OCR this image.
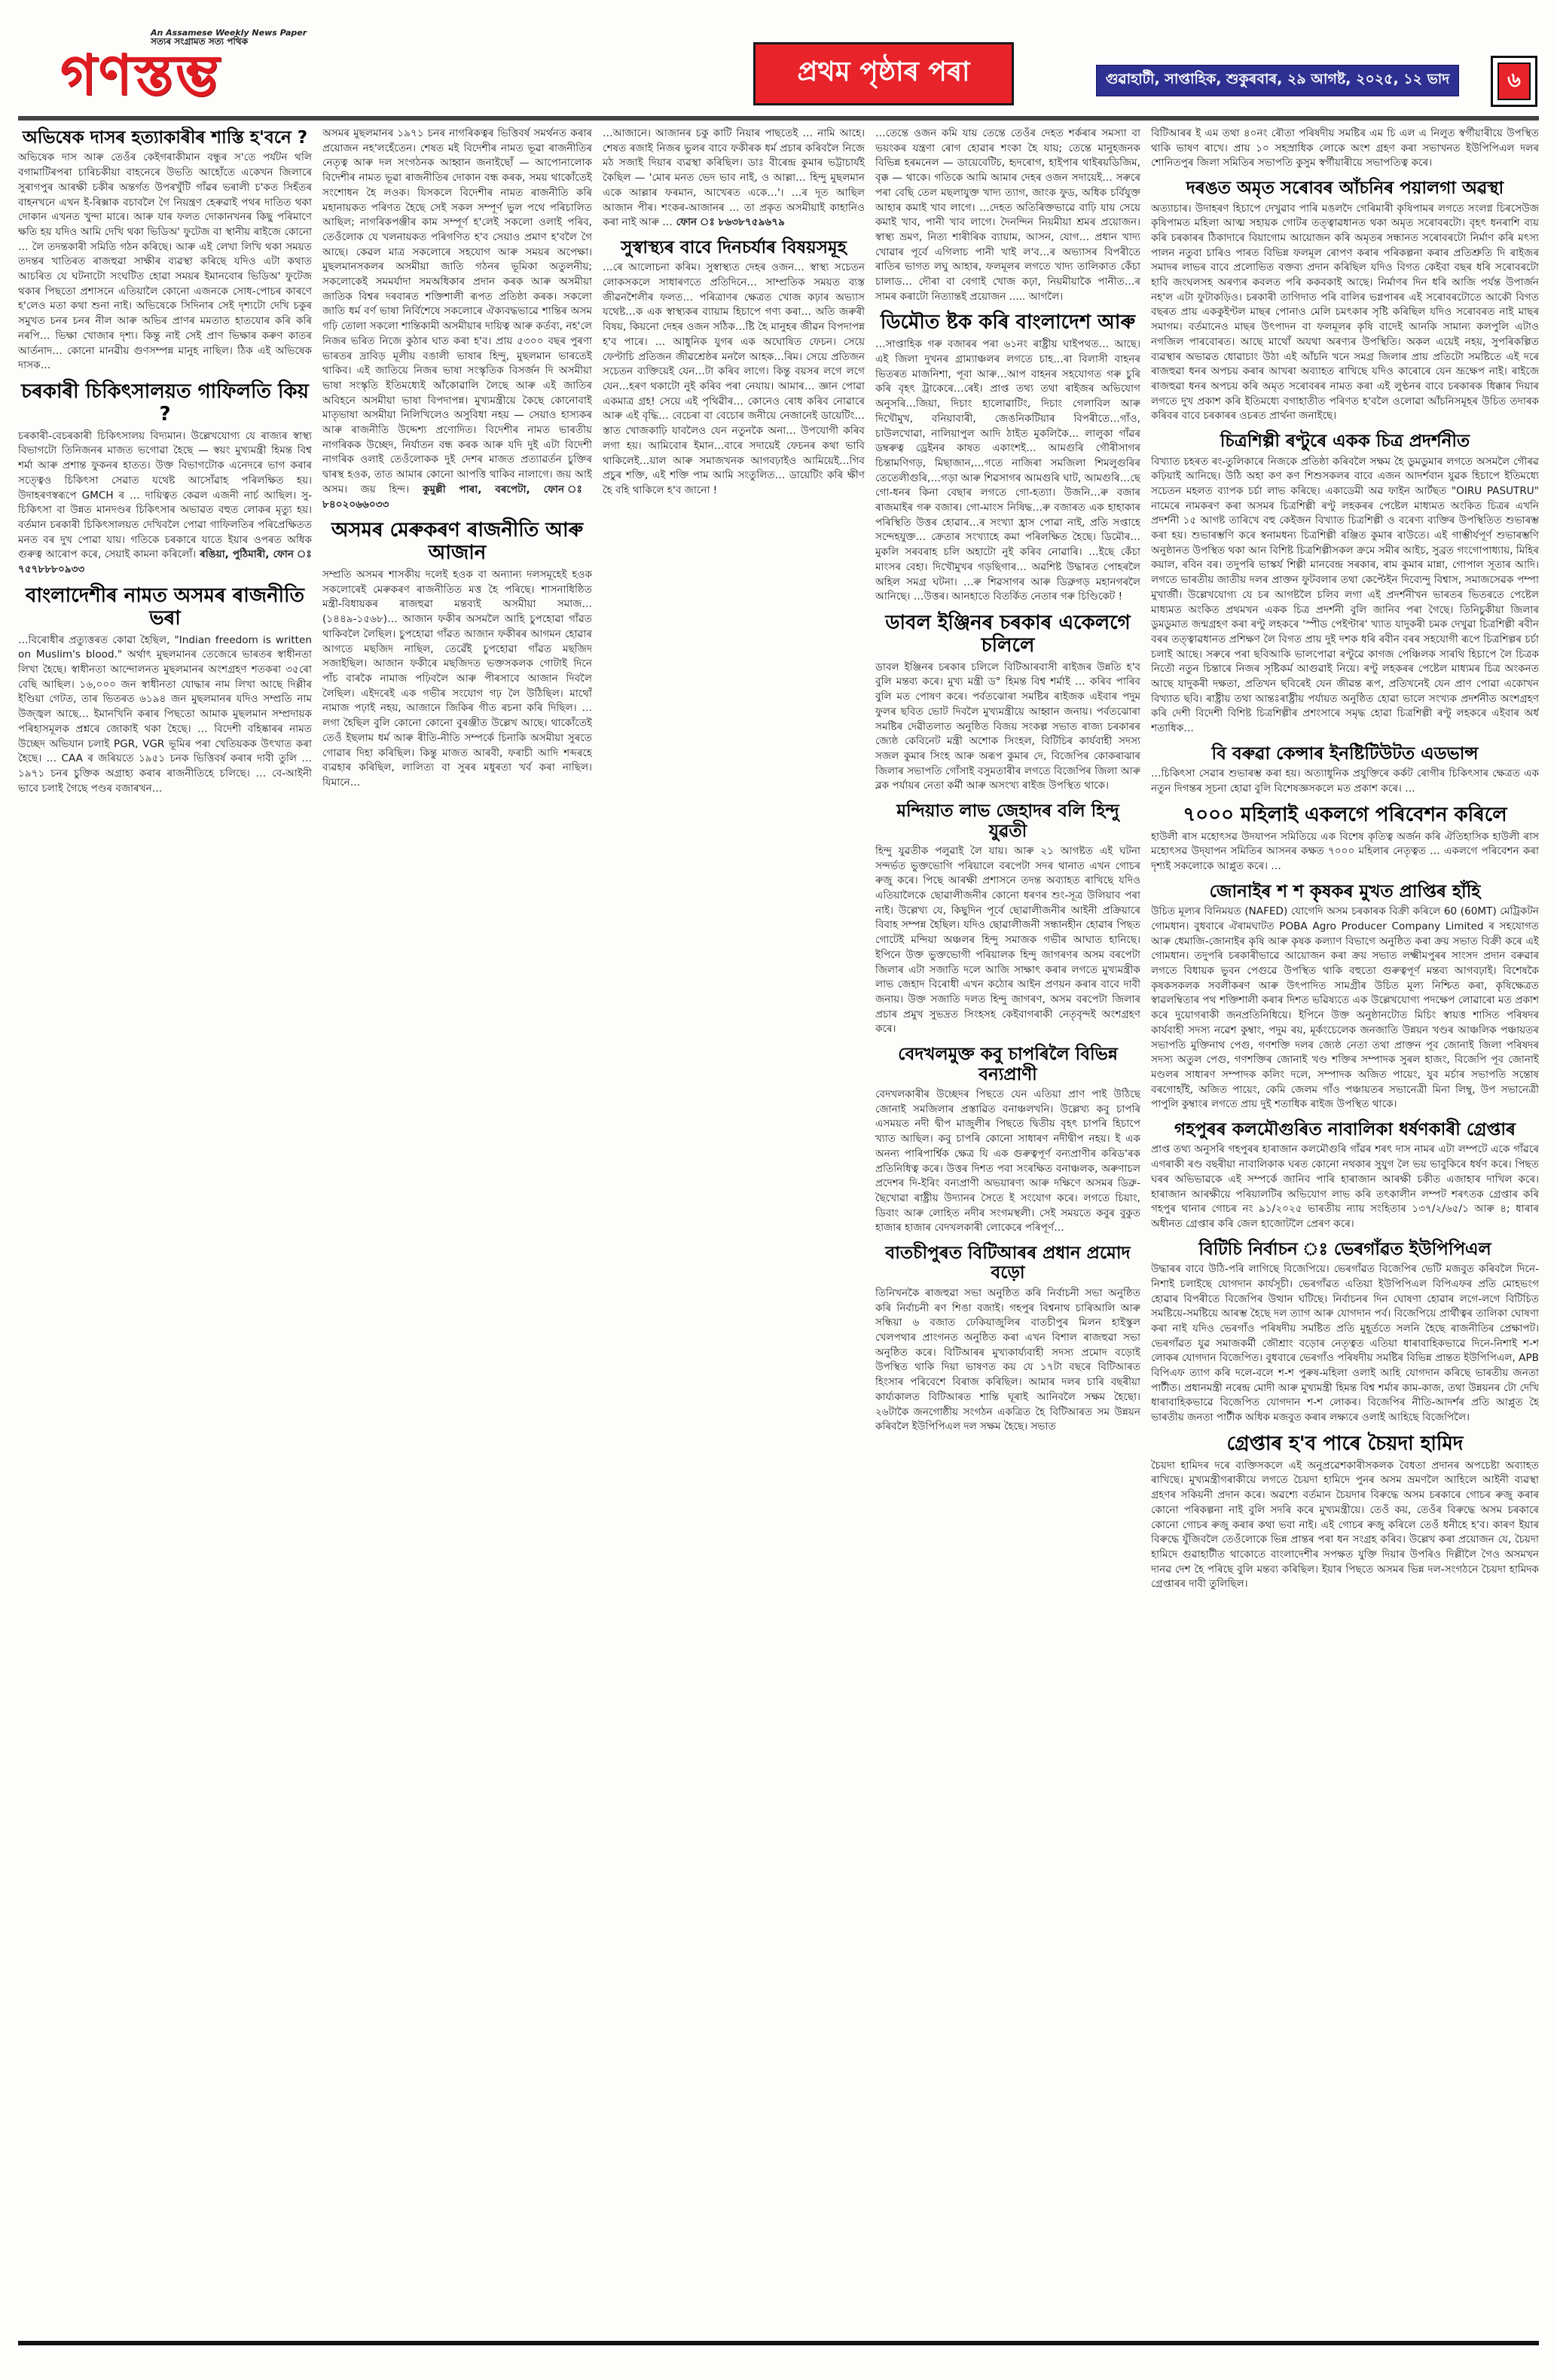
An Assamese Weekly News Paper
সত্যৰ সংগ্ৰামত সত্য পথিক
গণস্তম্ভ	প্ৰথম পৃষ্ঠাৰ পৰা	গুৱাহাটী, সাপ্তাহিক, শুকুৰবাৰ, ২৯ আগষ্ট, ২০২৫, ১২ ভাদ	৬
অভিষেক দাসৰ হত্যাকাৰীৰ শাস্তি হ'বনে ?

অভিষেক দাস আৰু তেওঁৰ কেইগৰাকীমান বন্ধুৰ স'তে পৰ্যটন থলি বগামাটিৰপৰা চাৰিচকীয়া বাহনেৰে উভতি আহোঁতে একেখন জিলাৰে সুৰাগপুৰ আৰক্ষী চকীৰ অন্তৰ্গত উপৰখুঁটি গাঁৱৰ ভৰালী চ'কত সিহঁতৰ বাহনখনে এখন ই-ৰিক্সাক বচাবলৈ গৈ নিয়ন্ত্ৰণ হেৰুৱাই পথৰ দাতিত থকা দোকান এখনত খুন্দা মাৰে। আৰু যাৰ ফলত দোকানখনৰ কিছু পৰিমাণে ক্ষতি হয় যদিও আমি দেখি থকা ভিডিঅ' ফুটেজ বা স্থানীয় ৰাইজে কোনো … লৈ তদন্তকাৰী সমিতি গঠন কৰিছে। আৰু এই লেখা লিখি থকা সময়ত তদন্তৰ খাতিৰত ৰাজহুৱা সাক্ষীৰ ব্যৱস্থা কৰিছে যদিও এটা কথাত আচৰিত যে ঘটনাটো সংঘটিত হোৱা সময়ৰ ইমানবোৰ ভিডিঅ' ফুটেজ থকাৰ পিছতো প্ৰশাসনে এতিয়ালৈ কোনো এজনকে সোধ-পোচৰ কাৰণে হ'লেও মতা কথা শুনা নাই। অভিষেকে সিদিনাৰ সেই দৃশ্যটো দেখি চকুৰ সমুখত চনৰ চনৰ নীল আৰু অভিৰ প্ৰাণৰ মমতাত হাতযোৰ কৰি কৰি নৰপি… ভিক্ষা খোজাৰ দৃশ্য। কিন্তু নাই সেই প্ৰাণ ভিক্ষাৰ কৰুণ কাতৰ আৰ্তনাদ… কোনো মানৱীয় গুণসম্পন্ন মানুহ নাছিল। ঠিক এই অভিষেক দাসক…

চৰকাৰী চিকিৎসালয়ত গাফিলতি কিয় ?

চৰকাৰী-বেচৰকাৰী চিকিৎসালয় বিদ্যমান। উল্লেখযোগ্য যে ৰাজ্যৰ স্বাস্থ্য বিভাগটো তিনিজনৰ মাজত ভগোৱা হৈছে — স্বয়ং মুখ্যমন্ত্ৰী হিমন্ত বিশ্ব শৰ্মা আৰু প্ৰশান্ত ফুকনৰ হাতত। উক্ত বিভাগটোক এনেদৰে ভাগ কৰাৰ সত্ত্বেও চিকিৎসা সেৱাত যথেষ্ট আসোঁৱাহ পৰিলক্ষিত হয়। উদাহৰণস্বৰূপে GMCH ৰ … দায়িত্বত কেৱল এজনী নাৰ্চ আছিল। সু-চিকিৎসা বা উন্নত মানদণ্ডৰ চিকিৎসাৰ অভাৱত বহুত লোকৰ মৃত্যু হয়। বৰ্তমান চৰকাৰী চিকিৎসালয়ত দেখিবলৈ পোৱা গাফিলতিৰ পৰিপ্ৰেক্ষিতত মনত বৰ দুখ পোৱা যায়। গতিকে চৰকাৰে যাতে ইয়াৰ ওপৰত অধিক গুৰুত্ব আৰোপ কৰে, সেয়াই কামনা কৰিলোঁ। ৰঙিয়া, পুঠিমাৰী, ফোন ঃ ৭৫৭৮৮৮০৯৩৩

বাংলাদেশীৰ নামত অসমৰ ৰাজনীতি ভৰা

…বিৰোধীৰ প্ৰত্যুত্তৰত কোৱা হৈছিল, "Indian freedom is written on Muslim's blood." অৰ্থাৎ মুছলমানৰ তেজেৰে ভাৰতৰ স্বাধীনতা লিখা হৈছে। স্বাধীনতা আন্দোলনত মুছলমানৰ অংশগ্ৰহণ শতকৰা ৩৫ৰো বেছি আছিল। ১৬,০০০ জন স্বাধীনতা যোদ্ধাৰ নাম লিখা আছে দিল্লীৰ ইণ্ডিয়া গেটত, তাৰ ভিতৰত ৬১৯৪ জন মুছলমানৰ যদিও সম্প্ৰতি নাম উজ্জ্বল আছে… ইমানখিনি কৰাৰ পিছতো আমাক মুছলমান সম্প্ৰদায়ক পৰিহাসমূলক প্ৰশ্নৰে জোকাই থকা হৈছে। … বিদেশী বহিষ্কাৰৰ নামত উচ্ছেদ অভিযান চলাই PGR, VGR ভূমিৰ পৰা খেতিয়কক উৎখাত কৰা হৈছে। … CAA ৰ জৰিয়তে ১৯৫১ চনক ভিত্তিবৰ্ষ কৰাৰ দাবী তুলি … ১৯৭১ চনৰ চুক্তিক অগ্ৰাহ্য কৰাৰ ৰাজনীতিহে চলিছে। … বে-আইনী ভাবে চলাই গৈছে পণ্ডৰ বজাৰখন…

অসমৰ মুছলমানৰ ১৯৭১ চনৰ নাগৰিকত্বৰ ভিত্তিবৰ্ষ সমৰ্থনত কৰাৰ প্ৰয়োজন নহ'লহেঁতেন। শেষত মই বিদেশীৰ নামত ভূৱা ৰাজনীতিৰ নেতৃত্ব আৰু দল সংগঠনক আহ্বান জনাইছোঁ — আপোনালোক বিদেশীৰ নামত ভূৱা ৰাজনীতিৰ দোকান বন্ধ কৰক, সময় থাকোঁতেই সংশোধন হৈ লওক। যিসকলে বিদেশীৰ নামত ৰাজনীতি কৰি মহানায়কত পৰিণত হৈছে সেই সকল সম্পূৰ্ণ ভুল পথে পৰিচালিত আছিল; নাগৰিকপঞ্জীৰ কাম সম্পূৰ্ণ হ'লেই সকলো ওলাই পৰিব, তেওঁলোক যে খলনায়কত পৰিগণিত হ'ব সেয়াও প্ৰমাণ হ'বলৈ গৈ আছে। কেৱল মাত্ৰ সকলোৰে সহযোগ আৰু সময়ৰ অপেক্ষা। মুছলমানসকলৰ অসমীয়া জাতি গঠনৰ ভূমিকা অতুলনীয়; সকলোকেই সমমৰ্যাদা সমঅধিকাৰ প্ৰদান কৰক আৰু অসমীয়া জাতিক বিশ্বৰ দৰবাৰত শক্তিশালী ৰূপত প্ৰতিষ্ঠা কৰক। সকলো জাতি ধৰ্ম বৰ্ণ ভাষা নিৰ্বিশেষে সকলোৰে ঐক্যবদ্ধভাৱে শান্তিৰ অসম গঢ়ি তোলা সকলো শান্তিকামী অসমীয়াৰ দায়িত্ব আৰু কৰ্তব্য, নহ'লে নিজৰ ভৰিত নিজে কুঠাৰ ঘাত কৰা হ'ব। প্ৰায় ৫৩০০ বছৰ পুৰণা ভাৰতৰ দ্ৰাবিড় মূলীয় বঙালী ভাষাৰ হিন্দু, মুছলমান ভাৰতেই থাকিব। এই জাতিয়ে নিজৰ ভাষা সংস্কৃতিক বিসৰ্জন দি অসমীয়া ভাষা সংস্কৃতি ইতিমধ্যেই আঁকোৱালি লৈছে আৰু এই জাতিৰ অবিহনে অসমীয়া ভাষা বিপদাপন্ন। মুখ্যমন্ত্ৰীয়ে কৈছে কোনোবাই মাতৃভাষা অসমীয়া নিলিখিলেও অসুবিধা নহয় — সেয়াও হাস্যকৰ আৰু ৰাজনীতি উদ্দেশ্য প্ৰণোদিত। বিদেশীৰ নামত ভাৰতীয় নাগৰিকক উচ্ছেদ, নিৰ্যাতন বন্ধ কৰক আৰু যদি দুই এটা বিদেশী নাগৰিক ওলাই তেওঁলোকক দুই দেশৰ মাজত প্ৰত্যাৱৰ্তন চুক্তিৰ দ্বাৰস্থ হওক, তাত আমাৰ কোনো আপত্তি থাকিব নালাগে। জয় আই অসম। জয় হিন্দ। কুমুল্লী পাৰা, বৰপেটা, ফোন ঃ ৮৪০২০৬৬০৩৩

অসমৰ মেৰুকৰণ ৰাজনীতি আৰু আজান

সম্প্ৰতি অসমৰ শাসকীয় দলেই হওক বা অন্যান্য দলসমূহেই হওক সকলোৰেই মেৰুকৰণ ৰাজনীতিত মত্ত হৈ পৰিছে। শাসনাধিষ্ঠিত মন্ত্ৰী-বিধায়কৰ ৰাজহুৱা মন্তব্যই অসমীয়া সমাজ… (১৪৪৯-১৫৬৮)… আজান ফকীৰ অসমলৈ আহি চুপহোৱা গাঁৱত থাকিবলৈ লৈছিল। চুপহোৱা গাঁৱত আজান ফকীৰৰ আগমন হোৱাৰ আগতে মছজিদ নাছিল, তেৱেঁই চুপহোৱা গাঁৱত মছজিদ সজাইছিল। আজান ফকীৰে মছজিদত ভক্তসকলক গোটাই দিনে পাঁচ বাৰকৈ নামাজ পঢ়িবলৈ আৰু পীৰসাবে আজান দিবলৈ লৈছিল। এইদৰেই এক গভীৰ সংযোগ গঢ় লৈ উঠিছিল। মাথোঁ নামাজ পঢ়াই নহয়, আজানে জিকিৰ গীত ৰচনা কৰি দিছিল। … লগা হৈছিল বুলি কোনো কোনো বুৰঞ্জীত উল্লেখ আছে। থাকোঁতেই তেওঁ ইছলাম ধৰ্ম আৰু ৰীতি-নীতি সম্পৰ্কে চিনাকি অসমীয়া সুৰতে গোৱাৰ দিহা কৰিছিল। কিন্তু মাজত আৰবী, ফৰাচী আদি শব্দৰহে ব্যৱহাৰ কৰিছিল, লালিত্য বা সুৰৰ মধুৰতা খৰ্ব কৰা নাছিল। যিমানে…

…আজানে। আজানৰ চকু কাটি নিয়াৰ পাছতেই … নামি আহে। শেষত ৰজাই নিজৰ ভুলৰ বাবে ফকীৰক ধৰ্ম প্ৰচাৰ কৰিবলৈ নিজে মঠ সজাই দিয়াৰ ব্যৱস্থা কৰিছিল। ডাঃ বীৰেন্দ্ৰ কুমাৰ ভট্টাচাৰ্যই কৈছিল — 'মোৰ মনত ভেদ ভাব নাই, ও আল্লা… হিন্দু মুছলমান একে আল্লাৰ ফৰমান, আখেৰত একে…'। …ৰ দূত আছিল আজান পীৰ। শংকৰ-আজানৰ … তা প্ৰকৃত অসমীয়াই কাহানিও কৰা নাই আৰু … ফোন ঃ ৮৬৩৮৭৫৯৬৭৯

সুস্বাস্থ্যৰ বাবে দিনচৰ্যাৰ বিষয়সমূহ

…ৰে আলোচনা কৰিম। সুস্বাস্থ্যত দেহৰ ওজন… স্বাস্থ্য সচেতন লোকসকলে সাধাৰণতে প্ৰতিদিনে… সাম্প্ৰতিক সময়ত ব্যস্ত জীৱনশৈলীৰ ফলত… পৰিত্ৰাণৰ ক্ষেত্ৰত খোজ কঢ়াৰ অভ্যাস যথেষ্ট…ক এক স্বাস্থ্যকৰ ব্যায়াম হিচাপে গণ্য কৰা… অতি জৰুৰী বিষয়, কিয়নো দেহৰ ওজন সঠিক…ষ্টি হৈ মানুহৰ জীৱন বিপদাপন্ন হ'ব পাৰে। … আধুনিক যুগৰ এক অঘোষিত ফেচন। সেয়ে ফেণ্টাচি প্ৰতিজন জীৱশ্ৰেষ্ঠৰ মনলৈ আহক…ৰিম। সেয়ে প্ৰতিজন সচেতন ব্যক্তিয়েই যেন…টা কৰিব লাগে। কিন্তু বয়সৰ লগে লগে যেন…হৰণ থকাটো নুই কৰিব পৰা নেযায়। আমাৰ… জ্ঞান পোৱা একমাত্ৰ গ্ৰহ! সেয়ে এই পৃথিৱীৰ… কোনেও ৰোধ কৰিব নোৱাৰে আৰু এই বৃদ্ধি… বেচেৰা বা বেচোৰ জনীয়ে নেজানেই ডায়েটিং…স্তাত খোজকাঢ়ি যাবলৈও যেন নতুনকৈ অনা… উপযোগী কৰিব লগা হয়। আমিবোৰ ইমান…বাৰে সদায়েই ফেচনৰ কথা ভাবি থাকিলেই…য়াল আৰু সমাজখনক আগবঢ়াইও আমিয়েই…গিব প্ৰচুৰ শক্তি, এই শক্তি পাম আমি সংতুলিত… ডায়েটিং কৰি ক্ষীণ হৈ বহি থাকিলে হ'ব জানো !

…তেন্তে ওজন কমি যায় তেন্তে তেওঁৰ দেহত শৰ্কৰাৰ সমস্যা বা ভয়ংকৰ যন্ত্ৰণা ৰোগ হোৱাৰ শংকা হৈ যায়; তেন্তে মানুহজনক বিভিন্ন হৰমনেল — ডায়েবেটিচ, হৃদৰোগ, হাইপাৰ থাইৰয়ডিজিম, বৃক্ক — থাকে। গতিকে আমি আমাৰ দেহৰ ওজন সদায়েই… সৰুৰে পৰা বেছি তেল মছলাযুক্ত খাদ্য ত্যাগ, জাংক ফুড, অধিক চৰ্বিযুক্ত আহাৰ কমাই খাব লাগে। …দেহত অতিৰিক্তভাৱে বাঢ়ি যায় সেয়ে কমাই খাব, পানী খাব লাগে। দৈনন্দিন নিয়মীয়া শ্ৰমৰ প্ৰয়োজন। স্বাস্থ্য ভ্ৰমণ, নিত্য শাৰীৰিক ব্যায়াম, আসন, যোগ… প্ৰধান খাদ্য খোৱাৰ পূৰ্বে এগিলাচ পানী খাই ল'ব…ৰ অভ্যাসৰ বিপৰীতে ৰাতিৰ ভাগত লঘু আহাৰ, ফলমূলৰ লগতে খাদ্য তালিকাত কেঁচা চালাড… দৌৰা বা বেগাই খোজ কঢ়া, নিয়মীয়াকৈ পানীত…ৰ সামৰ কৰাটো নিত্যান্তই প্ৰয়োজন ..... আগলৈ।

ডিমৌত ষ্টক কৰি বাংলাদেশ আৰু

…সাপ্তাহিক গৰু বজাৰৰ পৰা ৬১নং ৰাষ্ট্ৰীয় ঘাইপথত… আছে। এই জিলা দুখনৰ গ্ৰাম্যাঞ্চলৰ লগতে চাহ…ৰা বিলাসী বাহনৰ ভিতৰত মাজনিশা, পূবা আৰু…আপ বাহনৰ সহযোগত গৰু চুৰি কৰি বৃহৎ ট্ৰাকেৰে…ৰেই। প্ৰাপ্ত তথ্য তথা ৰাইজৰ অভিযোগ অনুসৰি…জিয়া, দিচাং হালোৱাটিং, দিচাং গেলাবিল আৰু দিখৌমুখ, বনিয়াবাৰী, জেঙনিকটিয়াৰ বিপৰীতে…গাঁও, চাউলখোৱা, নালিয়াপুল আদি ঠাইত মুকলিকৈ… লালুকা গাঁৱৰ ডম্বৰুত্ব ড্ৰেইনৰ কাষত একাংশই… আমগুৰি গৌৰীসাগৰ চিন্তামণিগড়, মিছাজান,…গতে নাজিৰা সমজিলা শিমলুগুৰিৰ তেতেলীগুৰি,…গড়া আৰু শিৱসাগৰ আমগুৰি ঘাট, আমগুৰি…ছে গো-ধনৰ কিনা বেছাৰ লগতে গো-হত্যা। উজনি…ৰু বজাৰ ৰাজমাইৰ গৰু বজাৰ। গো-মাংস নিষিদ্ধ…ৰু বজাৰত এক হাহাকাৰ পৰিস্থিতি উত্তৰ হোৱাৰ…ৰ সংখ্যা হ্ৰাস পোৱা নাই, প্ৰতি সপ্তাহে সন্দেহযুক্ত… ক্ৰেতাৰ সংখ্যাহে কমা পৰিলক্ষিত হৈছে। ডিমৌৰ… মুকলি সৰবৰাহ চলি অহাটো নুই কৰিব নোৱাৰি। …ইছে কেঁচা মাংসৰ বেহা। দিখৌমুখৰ গড়ছিগাৰ… অৱশিষ্ট উদ্ধাৰত পোহৰলৈ অহিল সমগ্ৰ ঘটনা। …ৰু শিৱসাগৰ আৰু ডিব্ৰুগড় মহানগৰলৈ আনিছে। …উত্তৰ। আনহাতে বিতৰ্কিত নেতাৰ গৰু চিণ্ডিকেট !

ডাবল ইঞ্জিনৰ চৰকাৰ একেলগে চলিলে

ডাবল ইঞ্জিনৰ চৰকাৰ চলিলে বিটিআৰবাসী ৰাইজৰ উন্নতি হ'ব বুলি মন্তব্য কৰে। মুখ্য মন্ত্ৰী ড° হিমন্ত বিশ্ব শৰ্মাই … কৰিব পাৰিব বুলি মত পোষণ কৰে। পৰ্বতঝোৰা সমষ্টিৰ ৰাইজক এইবাৰ পদুম ফুলৰ ছবিত ভোট দিবলৈ মুখ্যমন্ত্ৰীয়ে আহ্বান জনায়। পৰ্বতঝোৰা সমষ্টিৰ দেৱীতলাত অনুষ্ঠিত বিজয় সংকল্প সভাত ৰাজ্য চৰকাৰৰ জ্যেষ্ঠ কেবিনেট মন্ত্ৰী অশোক সিংহল, বিটিচিৰ কাৰ্যবাহী সদস্য সজল কুমাৰ সিংহ আৰু অৰূপ কুমাৰ দে, বিজেপিৰ কোকৰাঝাৰ জিলাৰ সভাপতি গোঁসাই বসুমতাৰীৰ লগতে বিজেপিৰ জিলা আৰু ব্লক পৰ্যায়ৰ নেতা কৰ্মী আৰু অসংখ্য ৰাইজ উপস্থিত থাকে।

মন্দিয়াত লাভ জেহাদৰ বলি হিন্দু যুৱতী

হিন্দু যুৱতীক পলুৱাই লৈ যায়। আৰু ২১ আগষ্টত এই ঘটনা সন্দৰ্ভত ভুক্তভোগি পৰিয়ালে বৰপেটা সদৰ থানাত এখন গোচৰ ৰুজু কৰে। পিছে আৰক্ষী প্ৰশাসনে তদন্ত অব্যাহত ৰাখিছে যদিও এতিয়ালৈকে ছোৱালীজনীৰ কোনো ধৰণৰ শুং-সূত্ৰ উলিয়াব পৰা নাই। উল্লেখ্য যে, কিছুদিন পূৰ্বে ছোৱালীজনীৰ আইনী প্ৰক্ৰিয়াৰে বিবাহ সম্পন্ন হৈছিল। যদিও ছোৱালীজনী সন্ধানহীন হোৱাৰ পিছত গোটেই মন্দিয়া অঞ্চলৰ হিন্দু সমাজক গভীৰ আঘাত হানিছে। ইপিনে উক্ত ভুক্তভোগী পৰিয়ালক হিন্দু জাগৰণৰ অসম বৰপেটা জিলাৰ এটা সজাতি দলে আজি সাক্ষাৎ কৰাৰ লগতে মুখ্যমন্ত্ৰীক লাভ জেহাদ বিৰোধী এখন কঠোৰ আইন প্ৰণয়ন কৰাৰ বাবে দাবী জনায়। উক্ত সজাতি দলত হিন্দু জাগৰণ, অসম বৰপেটা জিলাৰ প্ৰচাৰ প্ৰমুখ সুভদ্ৰত সিংহসহ কেইবাগৰাকী নেতৃবৃন্দই অংশগ্ৰহণ কৰে।

বেদখলমুক্ত কবু চাপৰিলৈ বিভিন্ন বন্যপ্ৰাণী

বেদখলকাৰীৰ উচ্ছেদৰ পিছতে যেন এতিয়া প্ৰাণ পাই উঠিছে জোনাই সমজিলাৰ প্ৰস্তাৱিত বনাঞ্চলখনি। উল্লেখ্য কবু চাপৰি এসময়ত নদী দ্বীপ মাজুলীৰ পিছতে দ্বিতীয় বৃহৎ চাপৰি হিচাপে খ্যাত আছিল। কবু চাপৰি কোনো সাধাৰণ নদীদ্বীপ নহয়। ই এক অনন্য পাৰিপাৰ্শ্বিক ক্ষেত্ৰ যি এক গুৰুত্বপূৰ্ণ বন্যপ্ৰাণীৰ কৰিড'ৰক প্ৰতিনিধিত্ব কৰে। উত্তৰ দিশত পবা সংৰক্ষিত বনাঞ্চলক, অৰুণাচল প্ৰদেশৰ দি-ইৰিং বন্যপ্ৰাণী অভয়াৰণ্য আৰু দক্ষিণে অসমৰ ডিব্ৰু-ছৈখোৱা ৰাষ্ট্ৰীয় উদ্যানৰ সৈতে ই সংযোগ কৰে। লগতে চিয়াং, ডিবাং আৰু লোহিত নদীৰ সংগমস্থলী। সেই সময়তে কবুৰ বুকুত হাজাৰ হাজাৰ বেদখলকাৰী লোকেৰে পৰিপূৰ্ণ…

বাতচীপুৰত বিটিআৰৰ প্ৰধান প্ৰমোদ বড়ো

তিনিখনকৈ ৰাজহুৱা সভা অনুষ্ঠিত কৰি নিৰ্বাচনী সভা অনুষ্ঠিত কৰি নিৰ্বাচনী ৰণ শিঙা বজাই। গহপুৰ বিশ্বনাথ চাৰিআলি আৰু সন্ধিয়া ৬ বজাত ঢেকিয়াজুলিৰ বাতচীপুৰ মিলন হাইস্কুল খেলপথাৰ প্ৰাংগনত অনুষ্ঠিত কৰা এখন বিশাল ৰাজহুৱা সভা অনুষ্ঠিত কৰে। বিটিআৰৰ মুখ্যকাৰ্য্যবাহী সদস্য প্ৰমোদ বড়োই উপস্থিত থাকি দিয়া ভাষণত কয় যে ১৭টা বছৰে বিটিআৰত হিংসাৰ পৰিবেশে বিৰাজ কৰিছিল। আমাৰ দলৰ চাৰি বছৰীয়া কাৰ্য্যকালত বিটিআৰত শান্তি ঘূৰাই আনিবলৈ সক্ষম হৈছো। ২৬টাকৈ জনগোষ্ঠীয় সংগঠন একত্ৰিত হৈ বিটিআৰত সম উন্নয়ন কৰিবলৈ ইউপিপিএল দল সক্ষম হৈছে। সভাত

বিটিআৰৰ ই এম তথা ৪০নং ৰৌতা পৰিষদীয় সমষ্টিৰ এম চি এল এ নিলুত স্বৰ্গীয়াৰীয়ে উপস্থিত থাকি ভাষণ ৰাখে। প্ৰায় ১০ সহস্ৰাধিক লোকে অংশ গ্ৰহণ কৰা সভাখনত ইউপিপিএল দলৰ শোনিতপুৰ জিলা সমিতিৰ সভাপতি কুসুম স্বৰ্গীয়াৰীয়ে সভাপতিত্ব কৰে।

দৰঙত অমৃত সৰোবৰ আঁচনিৰ পয়ালগা অৱস্থা

অত্যাচাৰ। উদাহৰণ হিচাপে দেখুৱাব পাৰি মঙলদৈ গেৰিমাৰী কৃষিপামৰ লগতে সংলগ্ন চিৰসেউজ কৃষিপামত মহিলা আত্ম সহায়ক গোটৰ তত্ত্বাৱধানত থকা অমৃত সৰোবৰটো। বৃহৎ ধনৰাশি ব্যয় কৰি চৰকাৰৰ ঠিকাদাৰে বিয়াগোম আয়োজন কৰি অমৃতৰ সন্ধানত সৰোবৰটো নিৰ্মাণ কৰি মৎস্য পালন নতুবা চাৰিও পাৰত বিভিন্ন ফলমূল ৰোপণ কৰাৰ পৰিকল্পনা কৰাৰ প্ৰতিশ্ৰুতি দি ৰাইজৰ সমাদৰ লাভৰ বাবে প্ৰলোভিত বক্তব্য প্ৰদান কৰিছিল যদিও বিগত কেইবা বছৰ ধৰি সৰোবৰটো হাবি জংঘলসহ অৰণ্যৰ কবলত পৰি ককবকাই আছে। নিৰ্মাণৰ দিন ধৰি আজি পৰ্যন্ত উপাৰ্জন নহ'ল এটা ফুটাকড়িও। চৰকাৰী তাগিদাত পৰি বালিৰ ভগ্নপাৰৰ এই সৰোবৰটোতে আকৌ বিগত বছৰত প্ৰায় এককুইণ্টল মাছৰ পোনাও মেলি চমৎকাৰ সৃষ্টি কৰিছিল যদিও সৰোবৰত নাই মাছৰ সমাগম। বৰ্তমানেও মাছৰ উৎপাদন বা ফলমূলৰ কৃষি বাদেই আনকি সামান্য কলপুলি এটাও নগজিল পাৰবোৰত। আছে মাথোঁ অযথা অৰণ্যৰ উপস্থিতি। অকল এয়েই নহয়, সুপৰিকল্পিত ব্যৱস্থাৰ অভাৱত ধোৱাচাং উঠা এই আঁচনি খনে সমগ্ৰ জিলাৰ প্ৰায় প্ৰতিটো সমষ্টিতে এই দৰে ৰাজহুৱা ধনৰ অপচয় কৰাৰ আখৰা অব্যাহত ৰাখিছে যদিও কাৰোৰে যেন ভ্ৰূক্ষেপ নাই। ৰাইজে ৰাজহুৱা ধনৰ অপচয় কৰি অমৃত সৰোবৰৰ নামত কৰা এই লুণ্ঠনৰ বাবে চৰকাৰক ধিক্কাৰ দিয়াৰ লগতে দুখ প্ৰকাশ কৰি ইতিমধ্যে বগাহাতীত পৰিণত হ'বলৈ ওলোৱা আঁচনিসমূহৰ উচিত তদাৰক কৰিবৰ বাবে চৰকাৰৰ ওচৰত প্ৰাৰ্থনা জনাইছে।

চিত্ৰশিল্পী ৰণ্টুৰে একক চিত্ৰ প্ৰদৰ্শনীত

বিখ্যাত চহৰত ৰং-তুলিকাৰে নিজকে প্ৰতিষ্ঠা কৰিবলৈ সক্ষম হৈ ডুমডুমাৰ লগতে অসমলৈ গৌৰৱ কঢ়িয়াই আনিছে। উঠি অহা কণ কণ শিশুসকলৰ বাবে এজন আদৰ্শবান যুৱক হিচাপে ইতিমধ্যে সচেতন মহলত ব্যাপক চৰ্চা লাভ কৰিছে। একাডেমী অৱ ফাইন আৰ্টছত "OIRU PASUTRU" নামেৰে নামকৰণ কৰা অসমৰ চিত্ৰশিল্পী ৰণ্টু লহকৰৰ পেষ্টেল মাধ্যমত অংকিত চিত্ৰৰ এখনি প্ৰদৰ্শনী ১৫ আগষ্ট তাৰিখে বহু কেইজন বিখ্যাত চিত্ৰশিল্পী ও বৰেণ্য ব্যক্তিৰ উপস্থিতিত শুভাৰম্ভ কৰা হয়। শুভাৰম্ভণি কৰে স্বনামধন্য চিত্ৰশিল্পী ৰঞ্জিত কুমাৰ ৰাউতে। এই গাম্ভীৰ্যপূৰ্ণ শুভাৰম্ভণি অনুষ্ঠানত উপস্থিত থকা আন বিশিষ্ট চিত্ৰশিল্পীসকল ক্ৰমে সমীৰ আইচ, সুব্ৰত গংগোপাধ্যায়, মিহিৰ কয়াল, ৰবিন বৰ। তদুপৰি ভাস্কৰ্য শিল্পী মানবেন্দ্ৰ সৰকাৰ, ৰাম কুমাৰ মান্না, গোপাল সূতাৰ আদি। লগতে ভাৰতীয় জাতীয় দলৰ প্ৰাক্তন ফুটবলাৰ তথা কেপ্টেইন দিব্যেন্দু বিশ্বাস, সমাজসেৱক পম্পা মুখাৰ্জী। উল্লেখযোগ্য যে চৰ আগষ্টলৈ চলিব লগা এই প্ৰদৰ্শনীখন ভাৰতৰ ভিতৰতে পেষ্টেল মাধ্যমত অংকিত প্ৰথমখন একক চিত্ৰ প্ৰদৰ্শনী বুলি জানিব পৰা গৈছে। তিনিচুকীয়া জিলাৰ ডুমডুমাত জন্মগ্ৰহণ কৰা ৰণ্টু লহকৰে 'স্পীড পেইণ্টাৰ' খ্যাত যাদুকৰী চমক দেখুৱা চিত্ৰশিল্পী ৰবীন বৰৰ তত্ত্বাৱধানত প্ৰশিক্ষণ লৈ বিগত প্ৰায় দুই দশক ধৰি ৰবীন বৰৰ সহযোগী ৰূপে চিত্ৰশিল্পৰ চৰ্চা চলাই আছে। সৰুৰে পৰা ছবিআকি ভালপোৱা ৰণ্টুৱে কাগজ পেঞ্চিলক সাৰথি হিচাপে লৈ চিত্ৰক নিতৌ নতুন চিন্তাৰে নিজৰ সৃষ্টিকৰ্ম আগুৱাই নিয়ে। ৰণ্টু লহকৰৰ পেষ্টেল মাধ্যমৰ চিত্ৰ অংকনত আছে যাদুকৰী দক্ষতা, প্ৰতিখন ছবিৰেই যেন জীৱন্ত ৰূপ, প্ৰতিখনেই যেন প্ৰাণ পোৱা একোখন বিখ্যাত ছবি। ৰাষ্ট্ৰীয় তথা আন্তঃৰাষ্ট্ৰীয় পৰ্যায়ত অনুষ্ঠিত হোৱা ভালে সংখ্যক প্ৰদৰ্শনীত অংশগ্ৰহণ কৰি দেশী বিদেশী বিশিষ্ট চিত্ৰশিল্পীৰ প্ৰশংসাৰে সমৃদ্ধ হোৱা চিত্ৰশিল্পী ৰণ্টু লহকৰে এইবাৰ অৰ্ধ শতাধিক…

বি বৰুৱা কেন্সাৰ ইনষ্টিটিউটত এডভান্স

…চিকিৎসা সেৱাৰ শুভাৰম্ভ কৰা হয়। অত্যাধুনিক প্ৰযুক্তিৰে কৰ্কট ৰোগীৰ চিকিৎসাৰ ক্ষেত্ৰত এক নতুন দিগন্তৰ সূচনা হোৱা বুলি বিশেষজ্ঞসকলে মত প্ৰকাশ কৰে। …

৭০০০ মহিলাই একলগে পৰিবেশন কৰিলে

হাউলী ৰাস মহোৎসৱ উদযাপন সমিতিয়ে এক বিশেষ কৃতিত্ব অৰ্জন কৰি ঐতিহাসিক হাউলী ৰাস মহোৎসৱ উদ্‌যাপন সমিতিৰ আসনৰ কক্ষত ৭০০০ মহিলাৰ নেতৃত্বত … একলগে পৰিবেশন কৰা দৃশ্যই সকলোকে আপ্লুত কৰে। …

জোনাইৰ শ শ কৃষকৰ মুখত প্ৰাপ্তিৰ হাঁহি

উচিত মূল্যৰ বিনিময়ত (NAFED) যোগেদি অসম চৰকাৰক বিক্ৰী কৰিলে 60 (60MT) মেট্ৰিকটন গোমধান। বুধবাৰে ঐৰামঘাটত POBA Agro Producer Company Limited ৰ সহযোগত আৰু ধেমাজি-জোনাইৰ কৃষি আৰু কৃষক কল্যাণ বিভাগে অনুষ্ঠিত কৰা ক্ৰয় সভাত বিক্ৰী কৰে এই গোমধান। তদুপৰি চৰকাৰীভাৱে আয়োজন কৰা ক্ৰয় সভাত লক্ষ্মীমপুৰৰ সাংসদ প্ৰদান বৰুৱাৰ লগতে বিধায়ক ভুবন পেগুৱে উপস্থিত থাকি বহুতো গুৰুত্বপূৰ্ণ মন্তব্য আগবঢ়াই। বিশেষকৈ কৃষকসকলক সবলীকৰণ আৰু উৎপাদিত সামগ্ৰীৰ উচিত মূল্য নিশ্চিত কৰা, কৃষিক্ষেত্ৰত স্বাৱলম্বিতাৰ পথ শক্তিশালী কৰাৰ দিশত ভৱিষ্যতে এক উল্লেখযোগ্য পদক্ষেপ লোৱাৰো মত প্ৰকাশ কৰে দুয়োগৰাকী জনপ্ৰতিনিধিয়ে। ইপিনে উক্ত অনুষ্ঠানটোত মিচিং স্বায়ত্ত শাসিত পৰিষদৰ কাৰ্যবাহী সদস্য নৱেশ কুম্বাং, পদুম ৰয়, মূৰ্কংচেলেক জনজাতি উন্নয়ন খণ্ডৰ আঞ্চলিক পঞ্চায়তৰ সভাপতি মুক্তিনাথ পেগু, গণশক্তি দলৰ জ্যেষ্ঠ নেতা তথা প্ৰাক্তন পূব জোনাই জিলা পৰিষদৰ সদস্য অতুল পেগু, গণশক্তিৰ জোনাই খণ্ড শক্তিৰ সম্পাদক সুৰল হাজং, বিজেপি পূব জোনাই মণ্ডলৰ সাধাৰণ সম্পাদক কলিং দলে, সম্পাদক অজিত পায়েং, যুব মৰ্চাৰ সভাপতি সন্তোষ বৰগোহাঁই, অজিত পায়েং, কেমি জেলম গাঁও পঞ্চায়তৰ সভানেত্ৰী মিনা লিম্বু, উপ সভানেত্ৰী পাপুলি কুম্বাংৰ লগতে প্ৰায় দুই শতাধিক ৰাইজ উপস্থিত থাকে।

গহপুৰৰ কলমৌগুৰিত নাবালিকা ধৰ্ষণকাৰী গ্ৰেপ্তাৰ

প্ৰাপ্ত তথ্য অনুসৰি গহপুৰৰ হাৰাজান কলমৌগুৰি গাঁৱৰ শৰৎ দাস নামৰ এটা লম্পটে একে গাঁৱৰে এগৰাকী ৰণ্ড বছৰীয়া নাবালিকাক ঘৰত কোনো নথকাৰ সুযুগ লৈ ভয় ভাবুকিৰে ধৰ্ষণ কৰে। পিছত ঘৰৰ অভিভাৱকে এই সম্পৰ্কে জানিব পাৰি হাৰাজান আৰক্ষী চকীত এজাহাৰ দাখিল কৰে। হাৰাজান আৰক্ষীয়ে পৰিয়ালটিৰ অভিযোগ লাভ কৰি তৎকালীন লম্পট শৰৎতক গ্ৰেপ্তাৰ কৰি গহপুৰ থানাৰ গোচৰ নং ৯১/২০২৫ ভাৰতীয় ন্যায় সংহিতাৰ ১৩৭/২/৬৫/১ আৰু ৪; ধাৰাৰ অধীনত গ্ৰেপ্তাৰ কৰি জেল হাজোটলৈ প্ৰেৰণ কৰে।

বিটিচি নিৰ্বাচন ঃ ভেৰগাঁৱত ইউপিপিএল

উদ্ধাৰৰ বাবে উঠি-পৰি লাগিছে বিজেপিয়ে। ভেৰগাঁৱত বিজেপিৰ ভেটি মজবুত কৰিবলৈ দিনে-নিশাই চলাইছে যোগদান কাৰ্যসূচী। ভেৰগাঁৱত এতিয়া ইউপিপিএল বিপিএফৰ প্ৰতি মোহভংগ হোৱাৰ বিপৰীতে বিজেপিৰ উত্থান ঘটিছে। নিৰ্বাচনৰ দিন ঘোষণা হোৱাৰ লগে-লগে বিটিচিত সমষ্টিয়ে-সমষ্টিয়ে আৰম্ভ হৈছে দল ত্যাগ আৰু যোগদান পৰ্ব। বিজেপিয়ে প্ৰাৰ্থীত্বৰ তালিকা ঘোষণা কৰা নাই যদিও ভেৰগাঁও পৰিষদীয় সমষ্টিত প্ৰতি মুহূৰ্ততে সলনি হৈছে ৰাজনীতিৰ প্ৰেক্ষাপট। ভেৰগাঁৱত যুৱ সমাজকৰ্মী জৌশ্ৰাং বড়োৰ নেতৃত্বত এতিয়া ধাৰাবাহিকভাৱে দিনে-নিশাই শ-শ লোকৰ যোগদান বিজেপিত। বুধবাৰে ভেৰগাঁও পৰিষদীয় সমষ্টিৰ বিভিন্ন প্ৰান্তত ইউপিপিএল, APB বিপিএফ ত্যাগ কৰি দলে-বলে শ-শ পুৰুষ-মহিলা ওলাই আহি যোগদান কৰিছে ভাৰতীয় জনতা পাৰ্টীত। প্ৰধানমন্ত্ৰী নৰেন্দ্ৰ মোদী আৰু মুখ্যমন্ত্ৰী হিমন্ত বিশ্ব শৰ্মাৰ কাম-কাজ, তথা উন্নয়নৰ টো দেখি ধাৰাবাহিকভাৱে বিজেপিত যোগদান শ-শ লোকৰ। বিজেপিৰ নীতি-আদৰ্শৰ প্ৰতি আপ্লুত হৈ ভাৰতীয় জনতা পাৰ্টীক অধিক মজবুত কৰাৰ লক্ষ্যৰে ওলাই আহিছে বিজেপিলৈ।

গ্ৰেপ্তাৰ হ'ব পাৰে চৈয়দা হামিদ

চৈয়দা হামিদৰ দৰে ব্যক্তিসকলে এই অনুপ্ৰৱেশকাৰীসকলক বৈধতা প্ৰদানৰ অপচেষ্টা অব্যাহত ৰাখিছে। মুখ্যমন্ত্ৰীগৰাকীয়ে লগতে চৈয়দা হামিদে পুনৰ অসম ভ্ৰমণলৈ আহিলে আইনী ব্যৱস্থা গ্ৰহণৰ সকিয়নী প্ৰদান কৰে। অৱশ্যে বৰ্তমান চৈয়দাৰ বিৰুদ্ধে অসম চৰকাৰে গোচৰ ৰুজু কৰাৰ কোনো পৰিকল্পনা নাই বুলি সদৰি কৰে মুখ্যমন্ত্ৰীয়ে। তেওঁ কয়, তেওঁৰ বিৰুদ্ধে অসম চৰকাৰে কোনো গোচৰ ৰুজু কৰাৰ কথা ভবা নাই। এই গোচৰ ৰুজু কৰিলে তেওঁ ধনীহে হ'ব। কাৰণ ইয়াৰ বিৰুদ্ধে যুঁজিবলৈ তেওঁলোকে ভিন্ন প্ৰান্তৰ পৰা ধন সংগ্ৰহ কৰিব। উল্লেখ কৰা প্ৰয়োজন যে, চৈয়দা হামিদে গুৱাহাটীত থাকোতে বাংলাদেশীৰ সপক্ষত যুক্তি দিয়াৰ উপৰিও দিল্লীলৈ গৈও অসমখন দানৱ দেশ হৈ পৰিছে বুলি মন্তব্য কৰিছিল। ইয়াৰ পিছতে অসমৰ ভিন্ন দল-সংগঠনে চৈয়দা হামিদক গ্ৰেপ্তাৰৰ দাবী তুলিছিল।
